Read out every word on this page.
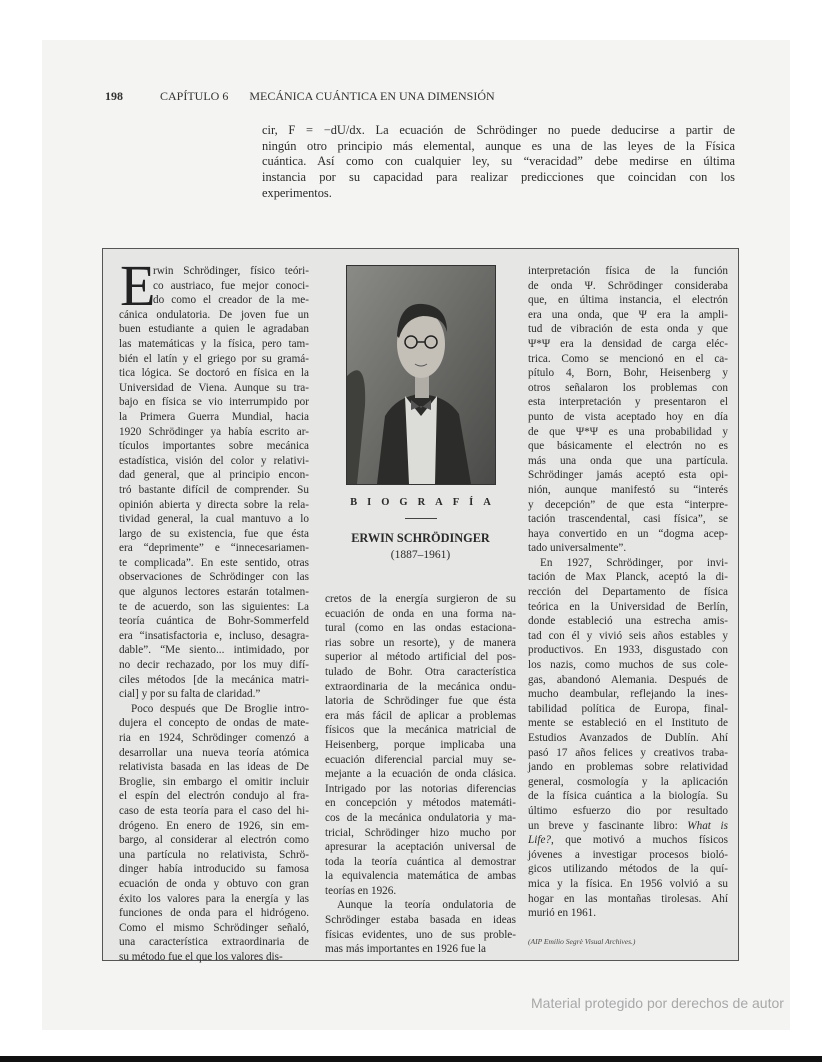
198	CAPÍTULO 6 MECÁNICA CUÁNTICA EN UNA DIMENSIÓN
cir, F = −dU/dx. La ecuación de Schrödinger no puede deducirse a partir de
ningún otro principio más elemental, aunque es una de las leyes de la Física
cuántica. Así como con cualquier ley, su “veracidad” debe medirse en última
instancia por su capacidad para realizar predicciones que coincidan con los
experimentos.
E
rwin Schrödinger, físico teóri-
co austriaco, fue mejor conoci-
do como el creador de la me-
cánica ondulatoria. De joven fue un
buen estudiante a quien le agradaban
las matemáticas y la física, pero tam-
bién el latín y el griego por su gramá-
tica lógica. Se doctoró en física en la
Universidad de Viena. Aunque su tra-
bajo en física se vio interrumpido por
la Primera Guerra Mundial, hacia
1920 Schrödinger ya había escrito ar-
tículos importantes sobre mecánica
estadística, visión del color y relativi-
dad general, que al principio encon-
tró bastante difícil de comprender. Su
opinión abierta y directa sobre la rela-
tividad general, la cual mantuvo a lo
largo de su existencia, fue que ésta
era “deprimente” e “innecesariamen-
te complicada”. En este sentido, otras
observaciones de Schrödinger con las
que algunos lectores estarán totalmen-
te de acuerdo, son las siguientes: La
teoría cuántica de Bohr-Sommerfeld
era “insatisfactoria e, incluso, desagra-
dable”. “Me siento... intimidado, por
no decir rechazado, por los muy difí-
ciles métodos [de la mecánica matri-
cial] y por su falta de claridad.”
Poco después que De Broglie intro-
dujera el concepto de ondas de mate-
ria en 1924, Schrödinger comenzó a
desarrollar una nueva teoría atómica
relativista basada en las ideas de De
Broglie, sin embargo el omitir incluir
el espín del electrón condujo al fra-
caso de esta teoría para el caso del hi-
drógeno. En enero de 1926, sin em-
bargo, al considerar al electrón como
una partícula no relativista, Schrö-
dinger había introducido su famosa
ecuación de onda y obtuvo con gran
éxito los valores para la energía y las
funciones de onda para el hidrógeno.
Como el mismo Schrödinger señaló,
una característica extraordinaria de
su método fue el que los valores dis-
BIOGRAFÍA
ERWIN SCHRÖDINGER
(1887–1961)
cretos de la energía surgieron de su
ecuación de onda en una forma na-
tural (como en las ondas estaciona-
rias sobre un resorte), y de manera
superior al método artificial del pos-
tulado de Bohr. Otra característica
extraordinaria de la mecánica ondu-
latoria de Schrödinger fue que ésta
era más fácil de aplicar a problemas
físicos que la mecánica matricial de
Heisenberg, porque implicaba una
ecuación diferencial parcial muy se-
mejante a la ecuación de onda clásica.
Intrigado por las notorias diferencias
en concepción y métodos matemáti-
cos de la mecánica ondulatoria y ma-
tricial, Schrödinger hizo mucho por
apresurar la aceptación universal de
toda la teoría cuántica al demostrar
la equivalencia matemática de ambas
teorías en 1926.
Aunque la teoría ondulatoria de
Schrödinger estaba basada en ideas
físicas evidentes, uno de sus proble-
mas más importantes en 1926 fue la
interpretación física de la función
de onda Ψ. Schrödinger consideraba
que, en última instancia, el electrón
era una onda, que Ψ era la ampli-
tud de vibración de esta onda y que
Ψ*Ψ era la densidad de carga eléc-
trica. Como se mencionó en el ca-
pítulo 4, Born, Bohr, Heisenberg y
otros señalaron los problemas con
esta interpretación y presentaron el
punto de vista aceptado hoy en día
de que Ψ*Ψ es una probabilidad y
que básicamente el electrón no es
más una onda que una partícula.
Schrödinger jamás aceptó esta opi-
nión, aunque manifestó su “interés
y decepción” de que esta “interpre-
tación trascendental, casi física”, se
haya convertido en un “dogma acep-
tado universalmente”.
En 1927, Schrödinger, por invi-
tación de Max Planck, aceptó la di-
rección del Departamento de física
teórica en la Universidad de Berlín,
donde estableció una estrecha amis-
tad con él y vivió seis años estables y
productivos. En 1933, disgustado con
los nazis, como muchos de sus cole-
gas, abandonó Alemania. Después de
mucho deambular, reflejando la ines-
tabilidad política de Europa, final-
mente se estableció en el Instituto de
Estudios Avanzados de Dublín. Ahí
pasó 17 años felices y creativos traba-
jando en problemas sobre relatividad
general, cosmología y la aplicación
de la física cuántica a la biología. Su
último esfuerzo dio por resultado
un breve y fascinante libro: What is
Life?, que motivó a muchos físicos
jóvenes a investigar procesos bioló-
gicos utilizando métodos de la quí-
mica y la física. En 1956 volvió a su
hogar en las montañas tirolesas. Ahí
murió en 1961.
(AIP Emilio Segrè Visual Archives.)
Material protegido por derechos de autor
